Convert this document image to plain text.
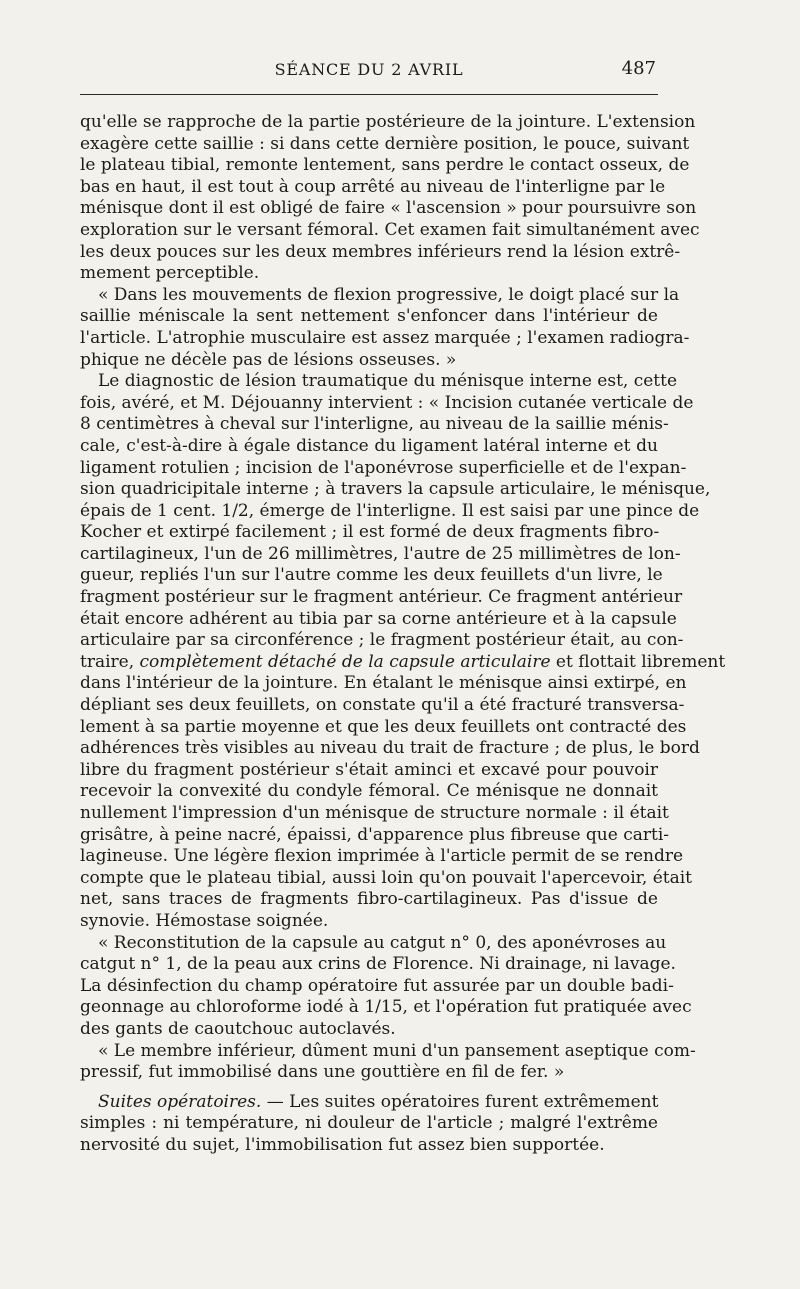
SÉANCE DU 2 AVRIL	487
qu'elle se rapproche de la partie postérieure de la jointure. L'extension
exagère cette saillie : si dans cette dernière position, le pouce, suivant
le plateau tibial, remonte lentement, sans perdre le contact osseux, de
bas en haut, il est tout à coup arrêté au niveau de l'interligne par le
ménisque dont il est obligé de faire « l'ascension » pour poursuivre son
exploration sur le versant fémoral. Cet examen fait simultanément avec
les deux pouces sur les deux membres inférieurs rend la lésion extrê-
mement perceptible.
« Dans les mouvements de flexion progressive, le doigt placé sur la
saillie méniscale la sent nettement s'enfoncer dans l'intérieur de
l'article. L'atrophie musculaire est assez marquée ; l'examen radiogra-
phique ne décèle pas de lésions osseuses. »
Le diagnostic de lésion traumatique du ménisque interne est, cette
fois, avéré, et M. Déjouanny intervient : « Incision cutanée verticale de
8 centimètres à cheval sur l'interligne, au niveau de la saillie ménis-
cale, c'est-à-dire à égale distance du ligament latéral interne et du
ligament rotulien ; incision de l'aponévrose superficielle et de l'expan-
sion quadricipitale interne ; à travers la capsule articulaire, le ménisque,
épais de 1 cent. 1/2, émerge de l'interligne. Il est saisi par une pince de
Kocher et extirpé facilement ; il est formé de deux fragments fibro-
cartilagineux, l'un de 26 millimètres, l'autre de 25 millimètres de lon-
gueur, repliés l'un sur l'autre comme les deux feuillets d'un livre, le
fragment postérieur sur le fragment antérieur. Ce fragment antérieur
était encore adhérent au tibia par sa corne antérieure et à la capsule
articulaire par sa circonférence ; le fragment postérieur était, au con-
traire, complètement détaché de la capsule articulaire et flottait librement
dans l'intérieur de la jointure. En étalant le ménisque ainsi extirpé, en
dépliant ses deux feuillets, on constate qu'il a été fracturé transversa-
lement à sa partie moyenne et que les deux feuillets ont contracté des
adhérences très visibles au niveau du trait de fracture ; de plus, le bord
libre du fragment postérieur s'était aminci et excavé pour pouvoir
recevoir la convexité du condyle fémoral. Ce ménisque ne donnait
nullement l'impression d'un ménisque de structure normale : il était
grisâtre, à peine nacré, épaissi, d'apparence plus fibreuse que carti-
lagineuse. Une légère flexion imprimée à l'article permit de se rendre
compte que le plateau tibial, aussi loin qu'on pouvait l'apercevoir, était
net, sans traces de fragments fibro-cartilagineux. Pas d'issue de
synovie. Hémostase soignée.
« Reconstitution de la capsule au catgut n° 0, des aponévroses au
catgut n° 1, de la peau aux crins de Florence. Ni drainage, ni lavage.
La désinfection du champ opératoire fut assurée par un double badi-
geonnage au chloroforme iodé à 1/15, et l'opération fut pratiquée avec
des gants de caoutchouc autoclavés.
« Le membre inférieur, dûment muni d'un pansement aseptique com-
pressif, fut immobilisé dans une gouttière en fil de fer. »
Suites opératoires. — Les suites opératoires furent extrêmement
simples : ni température, ni douleur de l'article ; malgré l'extrême
nervosité du sujet, l'immobilisation fut assez bien supportée.
